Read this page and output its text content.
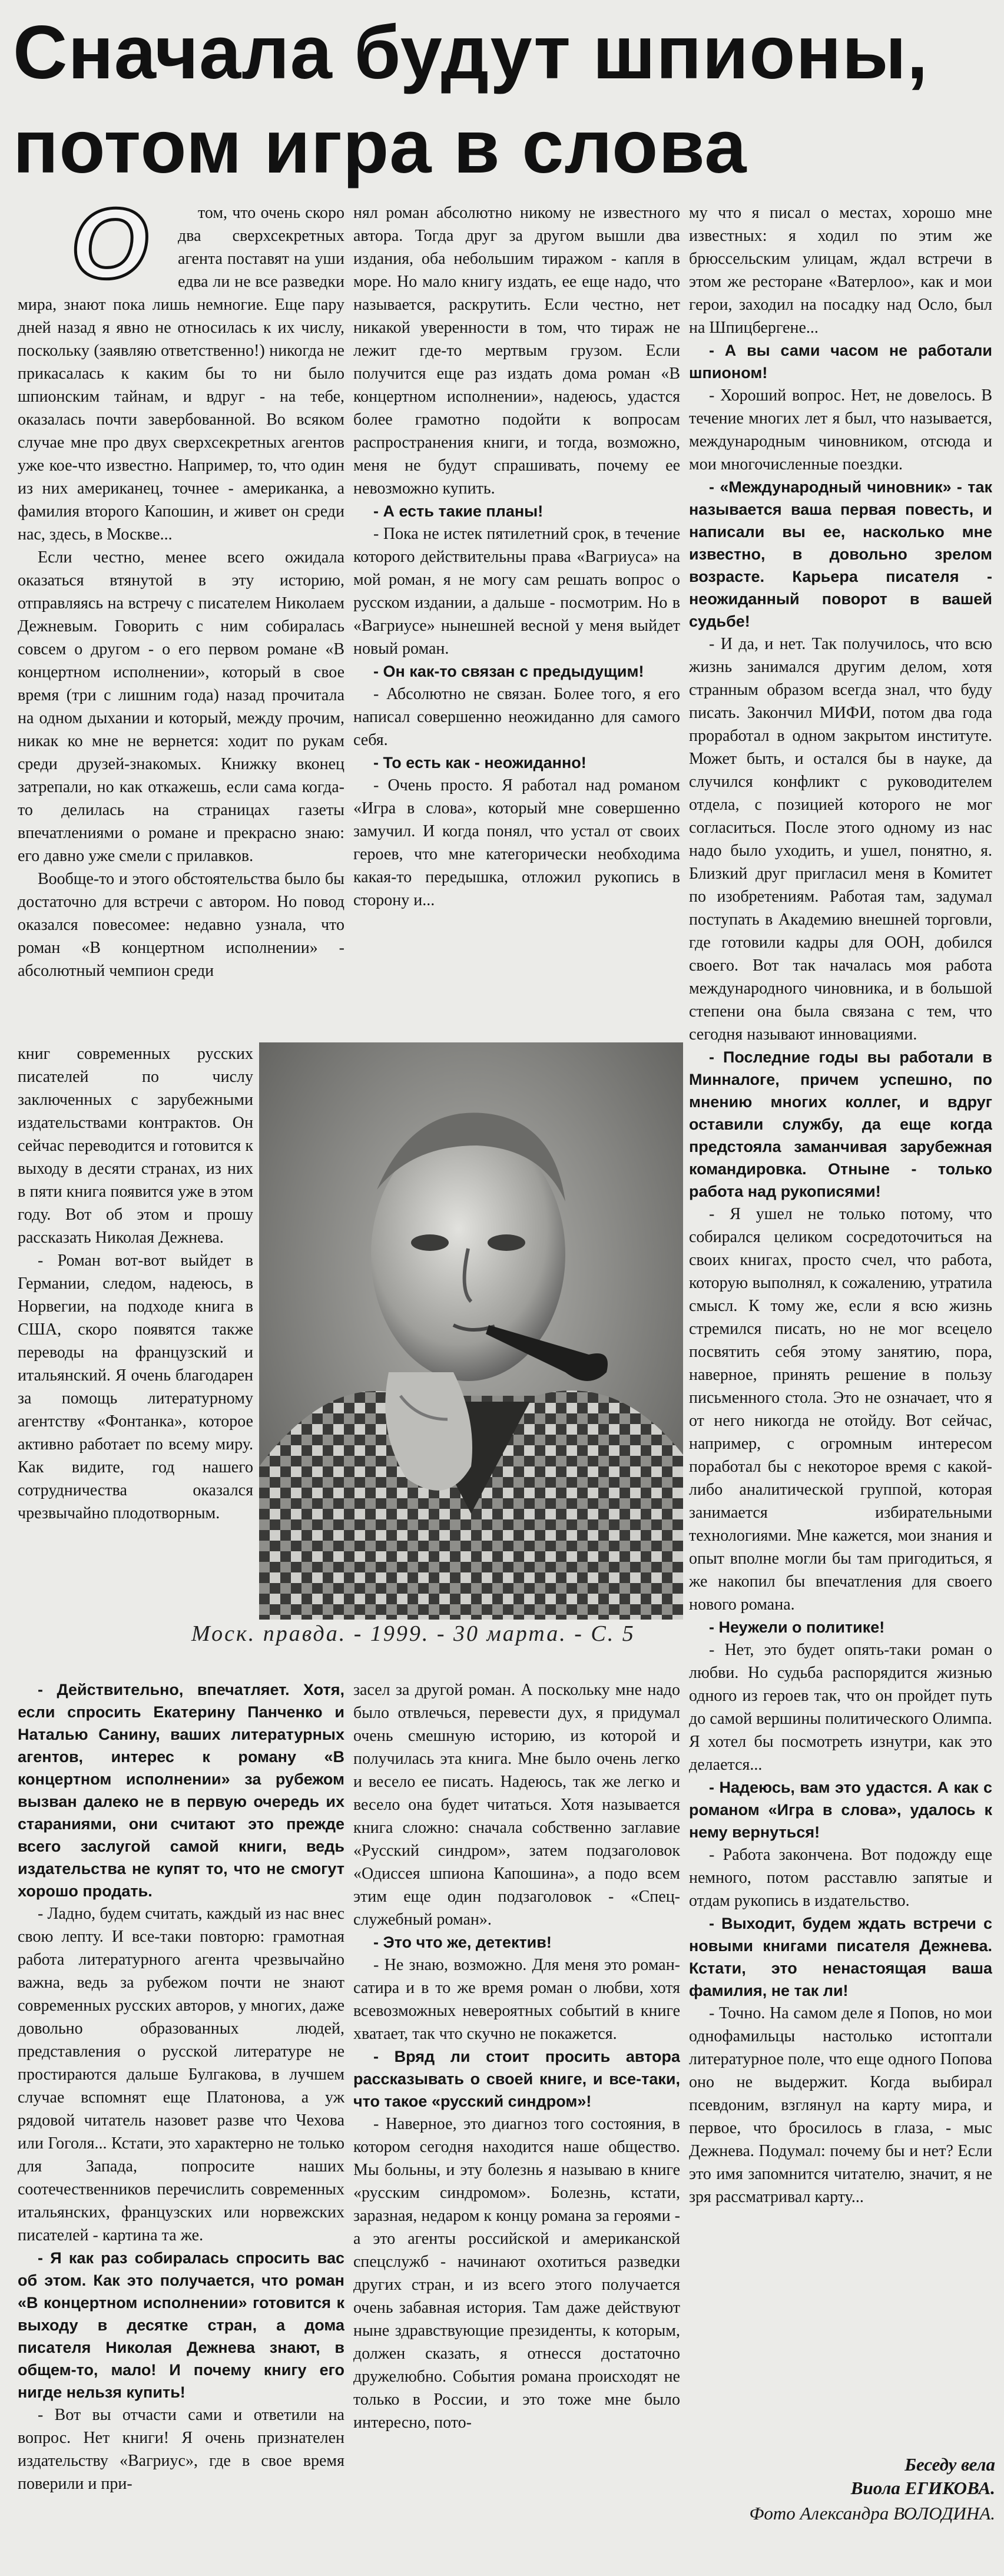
Сначала будут шпионы,
потом игра в слова
О	том, что очень скоро два сверхсекретных агента поставят на уши едва ли не все разведки мира, знают пока лишь немногие. Еще пару дней назад я явно не относилась к их числу, поскольку (заявляю ответственно!) никогда не прикасалась к каким бы то ни было шпионским тайнам, и вдруг - на тебе, оказалась почти завербованной. Во всяком случае мне про двух сверхсекретных агентов уже кое-что известно. Например, то, что один из них американец, точнее - американка, а фамилия второго Капошин, и живет он среди нас, здесь, в Москве...

Если честно, менее всего ожидала оказаться втянутой в эту историю, отправляясь на встречу с писателем Николаем Дежневым. Говорить с ним собиралась совсем о другом - о его первом романе «В концертном исполнении», который в свое время (три с лишним года) назад прочитала на одном дыхании и который, между прочим, никак ко мне не вернется: ходит по рукам среди друзей-знакомых. Книжку вконец затрепали, но как откажешь, если сама когда-то делилась на страницах газеты впечатлениями о романе и прекрасно знаю: его давно уже смели с прилавков.

Вообще-то и этого обстоятельства было бы достаточно для встречи с автором. Но повод оказался повесомее: недавно узнала, что роман «В концертном исполнении» - абсолютный чемпион среди

нял роман абсолютно никому не известного автора. Тогда друг за другом вышли два издания, оба небольшим тиражом - капля в море. Но мало книгу издать, ее еще надо, что называется, раскрутить. Если честно, нет никакой уверенности в том, что тираж не лежит где-то мертвым грузом. Если получится еще раз издать дома роман «В концертном исполнении», надеюсь, удастся более грамотно подойти к вопросам распространения книги, и тогда, возможно, меня не будут спрашивать, почему ее невозможно купить.

- А есть такие планы!

- Пока не истек пятилетний срок, в течение которого действительны права «Вагриуса» на мой роман, я не могу сам решать вопрос о русском издании, а дальше - посмотрим. Но в «Вагриусе» нынешней весной у меня выйдет новый роман.

- Он как-то связан с предыдущим!

- Абсолютно не связан. Более того, я его написал совершенно неожиданно для самого себя.

- То есть как - неожиданно!

- Очень просто. Я работал над романом «Игра в слова», который мне совершенно замучил. И когда понял, что устал от своих героев, что мне категорически необходима какая-то передышка, отложил рукопись в сторону и...

му что я писал о местах, хорошо мне известных: я ходил по этим же брюссельским улицам, ждал встречи в этом же ресторане «Ватерлоо», как и мои герои, заходил на посадку над Осло, был на Шпицбергене...

- А вы сами часом не работали шпионом!

- Хороший вопрос. Нет, не довелось. В течение многих лет я был, что называется, международным чиновником, отсюда и мои многочисленные поездки.

- «Международный чиновник» - так называется ваша первая повесть, и написали вы ее, насколько мне известно, в довольно зрелом возрасте. Карьера писателя - неожиданный поворот в вашей судьбе!

- И да, и нет. Так получилось, что всю жизнь занимался другим делом, хотя странным образом всегда знал, что буду писать. Закончил МИФИ, потом два года проработал в одном закрытом институте. Может быть, и остался бы в науке, да случился конфликт с руководителем отдела, с позицией которого не мог согласиться. После этого одному из нас надо было уходить, и ушел, понятно, я. Близкий друг пригласил меня в Комитет по изобретениям. Работая там, задумал поступать в Академию внешней торговли, где готовили кадры для ООН, добился своего. Вот так началась моя работа международного чиновника, и в большой степени она была связана с тем, что сегодня называют инновациями.

- Последние годы вы работали в Минналоге, причем успешно, по мнению многих коллег, и вдруг оставили службу, да еще когда предстояла заманчивая зарубежная командировка. Отныне - только работа над рукописями!

- Я ушел не только потому, что собирался целиком сосредоточиться на своих книгах, просто счел, что работа, которую выполнял, к сожалению, утратила смысл. К тому же, если я всю жизнь стремился писать, но не мог всецело посвятить себя этому занятию, пора, наверное, принять решение в пользу письменного стола. Это не означает, что я от него никогда не отойду. Вот сейчас, например, с огромным интересом поработал бы с некоторое время с какой-либо аналитической группой, которая занимается избирательными технологиями. Мне кажется, мои знания и опыт вполне могли бы там пригодиться, я же накопил бы впечатления для своего нового романа.

- Неужели о политике!

- Нет, это будет опять-таки роман о любви. Но судьба распорядится жизнью одного из героев так, что он пройдет путь до самой вершины политического Олимпа. Я хотел бы посмотреть изнутри, как это делается...

- Надеюсь, вам это удастся. А как с романом «Игра в слова», удалось к нему вернуться!

- Работа закончена. Вот подожду еще немного, потом расставлю запятые и отдам рукопись в издательство.

- Выходит, будем ждать встречи с новыми книгами писателя Дежнева. Кстати, это ненастоящая ваша фамилия, не так ли!

- Точно. На самом деле я Попов, но мои однофамильцы настолько истоптали литературное поле, что еще одного Попова оно не выдержит. Когда выбирал псевдоним, взглянул на карту мира, и первое, что бросилось в глаза, - мыс Дежнева. Подумал: почему бы и нет? Если это имя запомнится читателю, значит, я не зря рассматривал карту...

книг современных русских писателей по числу заключенных с зарубежными издательствами контрактов. Он сейчас переводится и готовится к выходу в десяти странах, из них в пяти книга появится уже в этом году. Вот об этом и прошу рассказать Николая Дежнева.

- Роман вот-вот выйдет в Германии, следом, надеюсь, в Норвегии, на подходе книга в США, скоро появятся также переводы на французский и итальянский. Я очень благодарен за помощь литературному агентству «Фонтанка», которое активно работает по всему миру. Как видите, год нашего сотрудничества оказался чрезвычайно плодотворным.

Моск. правда. - 1999. - 30 марта. - С. 5

- Действительно, впечатляет. Хотя, если спросить Екатерину Панченко и Наталью Санину, ваших литературных агентов, интерес к роману «В концертном исполнении» за рубежом вызван далеко не в первую очередь их стараниями, они считают это прежде всего заслугой самой книги, ведь издательства не купят то, что не смогут хорошо продать.

- Ладно, будем считать, каждый из нас внес свою лепту. И все-таки повторю: грамотная работа литературного агента чрезвычайно важна, ведь за рубежом почти не знают современных русских авторов, у многих, даже довольно образованных людей, представления о русской литературе не простираются дальше Булгакова, в лучшем случае вспомнят еще Платонова, а уж рядовой читатель назовет разве что Чехова или Гоголя... Кстати, это характерно не только для Запада, попросите наших соотечественников перечислить современных итальянских, французских или норвежских писателей - картина та же.

- Я как раз собиралась спросить вас об этом. Как это получается, что роман «В концертном исполнении» готовится к выходу в десятке стран, а дома писателя Николая Дежнева знают, в общем-то, мало! И почему книгу его нигде нельзя купить!

- Вот вы отчасти сами и ответили на вопрос. Нет книги! Я очень признателен издательству «Вагриус», где в свое время поверили и при-

засел за другой роман. А поскольку мне надо было отвлечься, перевести дух, я придумал очень смешную историю, из которой и получилась эта книга. Мне было очень легко и весело ее писать. Надеюсь, так же легко и весело она будет читаться. Хотя называется книга сложно: сначала собственно заглавие «Русский синдром», затем подзаголовок «Одиссея шпиона Капошина», а подо всем этим еще один подзаголовок - «Спец-служебный роман».

- Это что же, детектив!

- Не знаю, возможно. Для меня это роман-сатира и в то же время роман о любви, хотя всевозможных невероятных событий в книге хватает, так что скучно не покажется.

- Вряд ли стоит просить автора рассказывать о своей книге, и все-таки, что такое «русский синдром»!

- Наверное, это диагноз того состояния, в котором сегодня находится наше общество. Мы больны, и эту болезнь я называю в книге «русским синдромом». Болезнь, кстати, заразная, недаром к концу романа за героями - а это агенты российской и американской спецслужб - начинают охотиться разведки других стран, и из всего этого получается очень забавная история. Там даже действуют ныне здравствующие президенты, к которым, должен сказать, я отнесся достаточно дружелюбно. События романа происходят не только в России, и это тоже мне было интересно, пото-

Беседу вела
Виола ЕГИКОВА.
Фото Александра ВОЛОДИНА.
